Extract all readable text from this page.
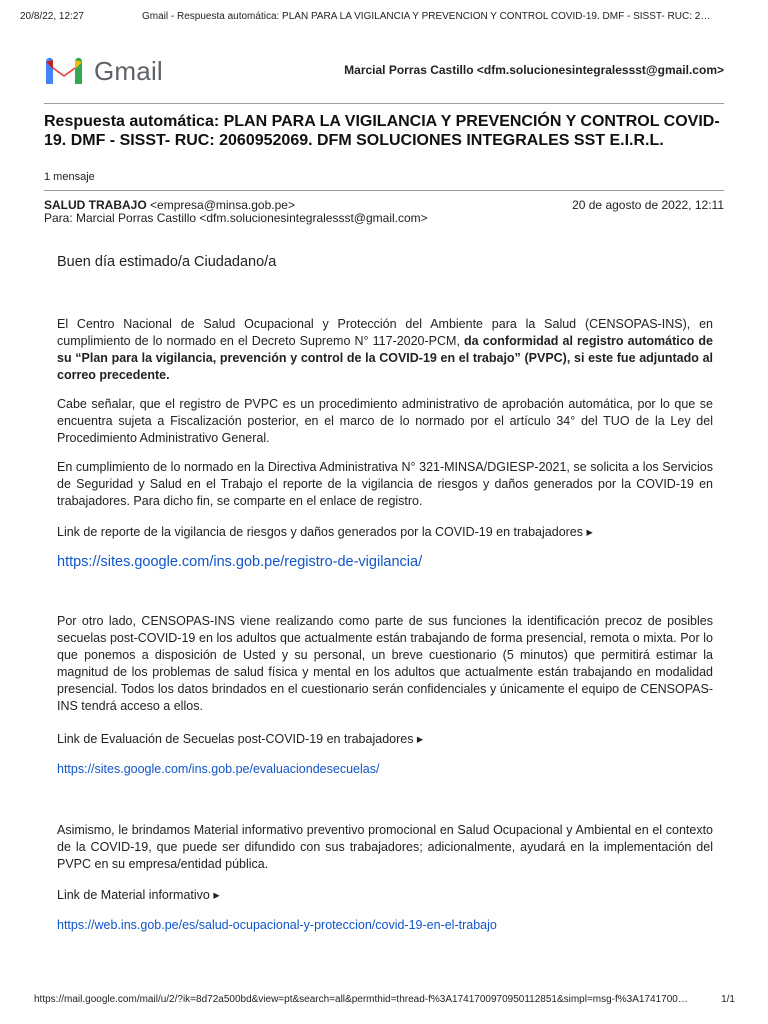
20/8/22, 12:27	Gmail - Respuesta automática: PLAN PARA LA VIGILANCIA Y PREVENCION Y CONTROL COVID-19. DMF - SISST- RUC: 2…
Gmail	Marcial Porras Castillo <dfm.solucionesintegralessst@gmail.com>
Respuesta automática: PLAN PARA LA VIGILANCIA Y PREVENCIÓN Y CONTROL COVID-19. DMF - SISST- RUC: 2060952069. DFM SOLUCIONES INTEGRALES SST E.I.R.L.
1 mensaje
SALUD TRABAJO <empresa@minsa.gob.pe>	20 de agosto de 2022, 12:11
Para: Marcial Porras Castillo <dfm.solucionesintegralessst@gmail.com>
Buen día estimado/a Ciudadano/a
El Centro Nacional de Salud Ocupacional y Protección del Ambiente para la Salud (CENSOPAS-INS), en cumplimiento de lo normado en el Decreto Supremo N° 117-2020-PCM, da conformidad al registro automático de su “Plan para la vigilancia, prevención y control de la COVID-19 en el trabajo” (PVPC), si este fue adjuntado al correo precedente.
Cabe señalar, que el registro de PVPC es un procedimiento administrativo de aprobación automática, por lo que se encuentra sujeta a Fiscalización posterior, en el marco de lo normado por el artículo 34° del TUO de la Ley del Procedimiento Administrativo General.
En cumplimiento de lo normado en la Directiva Administrativa N° 321-MINSA/DGIESP-2021, se solicita a los Servicios de Seguridad y Salud en el Trabajo el reporte de la vigilancia de riesgos y daños generados por la COVID-19 en trabajadores. Para dicho fin, se comparte en el enlace de registro.
Link de reporte de la vigilancia de riesgos y daños generados por la COVID-19 en trabajadores ▸
https://sites.google.com/ins.gob.pe/registro-de-vigilancia/
Por otro lado, CENSOPAS-INS viene realizando como parte de sus funciones la identificación precoz de posibles secuelas post-COVID-19 en los adultos que actualmente están trabajando de forma presencial, remota o mixta. Por lo que ponemos a disposición de Usted y su personal, un breve cuestionario (5 minutos) que permitirá estimar la magnitud de los problemas de salud física y mental en los adultos que actualmente están trabajando en modalidad presencial. Todos los datos brindados en el cuestionario serán confidenciales y únicamente el equipo de CENSOPAS-INS tendrá acceso a ellos.
Link de Evaluación de Secuelas post-COVID-19 en trabajadores ▸
https://sites.google.com/ins.gob.pe/evaluaciondesecuelas/
Asimismo, le brindamos Material informativo preventivo promocional en Salud Ocupacional y Ambiental en el contexto de la COVID-19, que puede ser difundido con sus trabajadores; adicionalmente, ayudará en la implementación del PVPC en su empresa/entidad pública.
Link de Material informativo ▸
https://web.ins.gob.pe/es/salud-ocupacional-y-proteccion/covid-19-en-el-trabajo
https://mail.google.com/mail/u/2/?ik=8d72a500bd&view=pt&search=all&permthid=thread-f%3A1741700970950112851&simpl=msg-f%3A1741700…	1/1
